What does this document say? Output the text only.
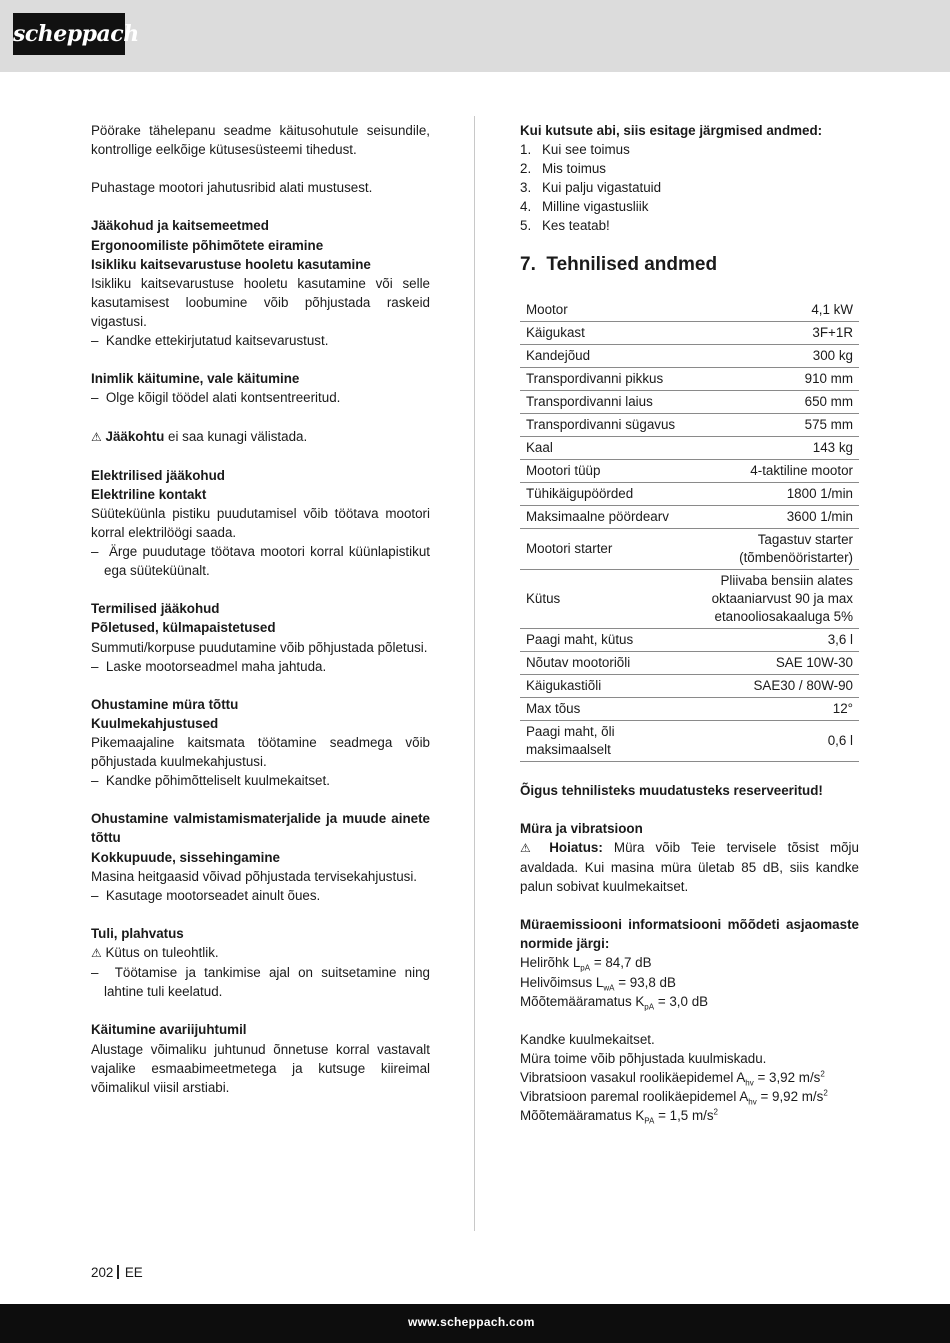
scheppach

Pöörake tähelepanu seadme käitusohutule seisundile, kontrollige eelkõige kütusesüsteemi tihedust.

Puhastage mootori jahutusribid alati mustusest.

Jääkohud ja kaitsemeetmed

Ergonoomiliste põhimõtete eiramine

Isikliku kaitsevarustuse hooletu kasutamine

Isikliku kaitsevarustuse hooletu kasutamine või selle kasutamisest loobumine võib põhjustada raskeid vigastusi.

–  Kandke ettekirjutatud kaitsevarustust.

Inimlik käitumine, vale käitumine

–  Olge kõigil töödel alati kontsentreeritud.

⚠ Jääkohtu ei saa kunagi välistada.

Elektrilised jääkohud

Elektriline kontakt

Süüteküünla pistiku puudutamisel võib töötava mootori korral elektrilöögi saada.

–  Ärge puudutage töötava mootori korral küünlapistikut ega süüteküünalt.

Termilised jääkohud

Põletused, külmapaistetused

Summuti/korpuse puudutamine võib põhjustada põletusi.

–  Laske mootorseadmel maha jahtuda.

Ohustamine müra tõttu

Kuulmekahjustused

Pikemaajaline kaitsmata töötamine seadmega võib põhjustada kuulmekahjustusi.

–  Kandke põhimõtteliselt kuulmekaitset.

Ohustamine valmistamismaterjalide ja muude ainete tõttu

Kokkupuude, sissehingamine

Masina heitgaasid võivad põhjustada tervisekahjustusi.

–  Kasutage mootorseadet ainult õues.

Tuli, plahvatus

⚠ Kütus on tuleohtlik.

–  Töötamise ja tankimise ajal on suitsetamine ning lahtine tuli keelatud.

Käitumine avariijuhtumil

Alustage võimaliku juhtunud õnnetuse korral vastavalt vajalike esmaabimeetmetega ja kutsuge kiireimal võimalikul viisil arstiabi.

Kui kutsute abi, siis esitage järgmised andmed:

1. Kui see toimus

2. Mis toimus

3. Kui palju vigastatuid

4. Milline vigastusliik

5. Kes teatab!

7.  Tehnilised andmed
Mootor	4,1 kW
Käigukast	3F+1R
Kandejõud	300 kg
Transpordivanni pikkus	910 mm
Transpordivanni laius	650 mm
Transpordivanni sügavus	575 mm
Kaal	143 kg
Mootori tüüp	4-taktiline mootor
Tühikäigupöörded	1800 1/min
Maksimaalne pöördearv	3600 1/min
Mootori starter	Tagastuv starter (tõmbenööristarter)
Kütus	Pliivaba bensiin alates oktaaniarvust 90 ja max etanooliosakaaluga 5%
Paagi maht, kütus	3,6 l
Nõutav mootoriõli	SAE 10W-30
Käigukastiõli	SAE30 / 80W-90
Max tõus	12°
Paagi maht, õli maksimaalselt	0,6 l

Õigus tehnilisteks muudatusteks reserveeritud!

Müra ja vibratsioon

⚠ Hoiatus: Müra võib Teie tervisele tõsist mõju avaldada. Kui masina müra ületab 85 dB, siis kandke palun sobivat kuulmekaitset.

Müraemissiooni informatsiooni mõõdeti asjaomaste normide järgi:

Helirõhk $L_{pA} = 84,7$ dB

Helivõimsus $L_{wA} = 93,8$ dB

Mõõtemääramatus $K_{pA} = 3,0$ dB

Kandke kuulmekaitset.

Müra toime võib põhjustada kuulmiskadu.

Vibratsioon vasakul roolikäepidemel $A_{hv} = 3,92$ $m/s^2$

Vibratsioon paremal roolikäepidemel $A_{hv} = 9,92$ $m/s^2$

Mõõtemääramatus $K_{PA} = 1,5$ $m/s^2$

202 EE
www.scheppach.com
